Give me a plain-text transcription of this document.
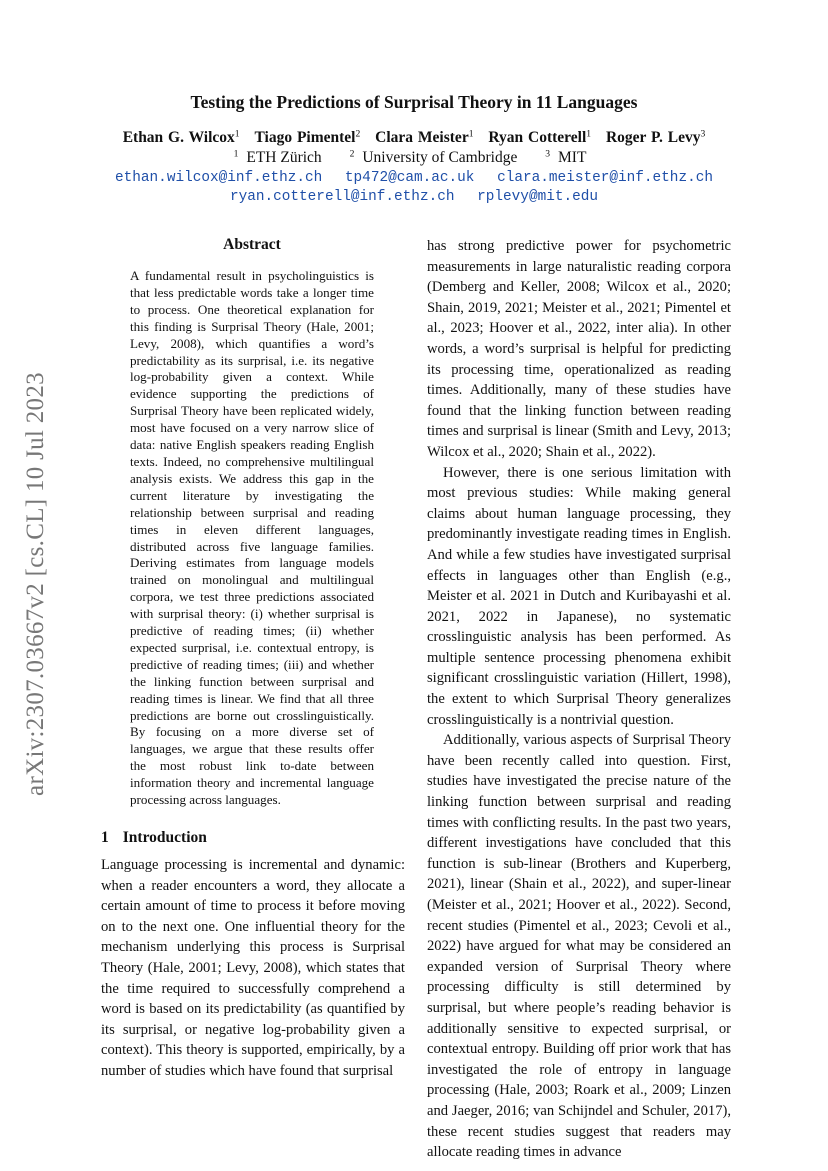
arXiv:2307.03667v2 [cs.CL] 10 Jul 2023
Testing the Predictions of Surprisal Theory in 11 Languages
Ethan G. Wilcox$^1$ Tiago Pimentel$^2$ Clara Meister$^1$ Ryan Cotterell$^1$ Roger P. Levy$^3$
$^1$ ETH Zürich	$^2$ University of Cambridge	$^3$ MIT
ethan.wilcox@inf.ethz.ch tp472@cam.ac.uk clara.meister@inf.ethz.ch
ryan.cotterell@inf.ethz.ch rplevy@mit.edu
Abstract
A fundamental result in psycholinguistics is that less predictable words take a longer time to process. One theoretical explanation for this finding is Surprisal Theory (Hale, 2001; Levy, 2008), which quantifies a word’s predictability as its surprisal, i.e. its negative log-probability given a context. While evidence supporting the predictions of Surprisal Theory have been replicated widely, most have focused on a very narrow slice of data: native English speakers reading English texts. Indeed, no comprehensive multilingual analysis exists. We address this gap in the current literature by investigating the relationship between surprisal and reading times in eleven different languages, distributed across five language families. Deriving estimates from language models trained on monolingual and multilingual corpora, we test three predictions associated with surprisal theory: (i) whether surprisal is predictive of reading times; (ii) whether expected surprisal, i.e. contextual entropy, is predictive of reading times; (iii) and whether the linking function between surprisal and reading times is linear. We find that all three predictions are borne out crosslinguistically. By focusing on a more diverse set of languages, we argue that these results offer the most robust link to-date between information theory and incremental language processing across languages.
1 Introduction
Language processing is incremental and dynamic: when a reader encounters a word, they allocate a certain amount of time to process it before moving on to the next one. One influential theory for the mechanism underlying this process is Surprisal Theory (Hale, 2001; Levy, 2008), which states that the time required to successfully comprehend a word is based on its predictability (as quantified by its surprisal, or negative log-probability given a context). This theory is supported, empirically, by a number of studies which have found that surprisal

has strong predictive power for psychometric measurements in large naturalistic reading corpora (Demberg and Keller, 2008; Wilcox et al., 2020; Shain, 2019, 2021; Meister et al., 2021; Pimentel et al., 2023; Hoover et al., 2022, inter alia). In other words, a word’s surprisal is helpful for predicting its processing time, operationalized as reading times. Additionally, many of these studies have found that the linking function between reading times and surprisal is linear (Smith and Levy, 2013; Wilcox et al., 2020; Shain et al., 2022).

However, there is one serious limitation with most previous studies: While making general claims about human language processing, they predominantly investigate reading times in English. And while a few studies have investigated surprisal effects in languages other than English (e.g., Meister et al. 2021 in Dutch and Kuribayashi et al. 2021, 2022 in Japanese), no systematic crosslinguistic analysis has been performed. As multiple sentence processing phenomena exhibit significant crosslinguistic variation (Hillert, 1998), the extent to which Surprisal Theory generalizes crosslinguistically is a nontrivial question.

Additionally, various aspects of Surprisal Theory have been recently called into question. First, studies have investigated the precise nature of the linking function between surprisal and reading times with conflicting results. In the past two years, different investigations have concluded that this function is sub-linear (Brothers and Kuperberg, 2021), linear (Shain et al., 2022), and super-linear (Meister et al., 2021; Hoover et al., 2022). Second, recent studies (Pimentel et al., 2023; Cevoli et al., 2022) have argued for what may be considered an expanded version of Surprisal Theory where processing difficulty is still determined by surprisal, but where people’s reading behavior is additionally sensitive to expected surprisal, or contextual entropy. Building off prior work that has investigated the role of entropy in language processing (Hale, 2003; Roark et al., 2009; Linzen and Jaeger, 2016; van Schijndel and Schuler, 2017), these recent studies suggest that readers may allocate reading times in advance
